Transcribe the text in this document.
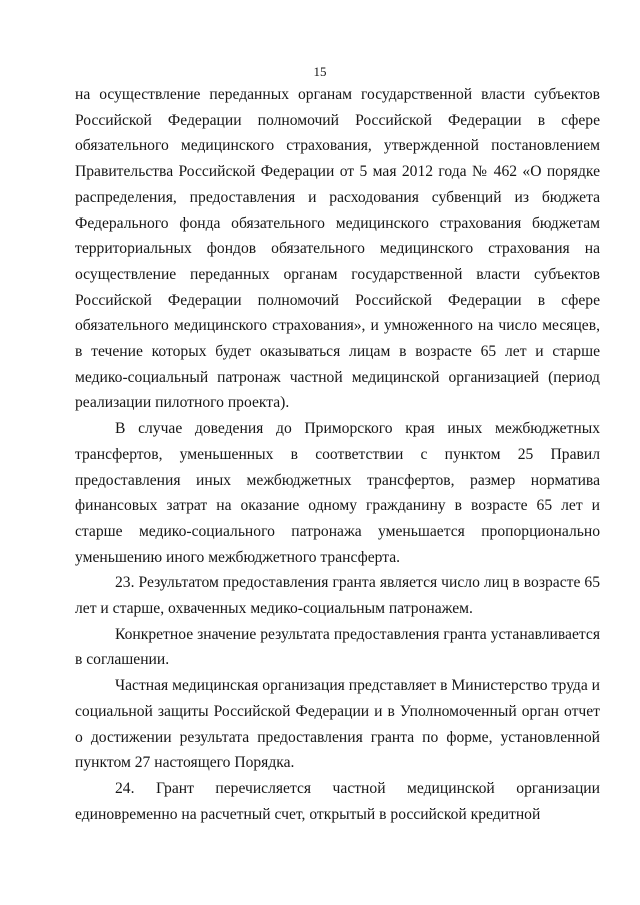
15

на осуществление переданных органам государственной власти субъектов Российской Федерации полномочий Российской Федерации в сфере обязательного медицинского страхования, утвержденной постановлением Правительства Российской Федерации от 5 мая 2012 года № 462 «О порядке распределения, предоставления и расходования субвенций из бюджета Федерального фонда обязательного медицинского страхования бюджетам территориальных фондов обязательного медицинского страхования на осуществление переданных органам государственной власти субъектов Российской Федерации полномочий Российской Федерации в сфере обязательного медицинского страхования», и умноженного на число месяцев, в течение которых будет оказываться лицам в возрасте 65 лет и старше медико-социальный патронаж частной медицинской организацией (период реализации пилотного проекта).

В случае доведения до Приморского края иных межбюджетных трансфертов, уменьшенных в соответствии с пунктом 25 Правил предоставления иных межбюджетных трансфертов, размер норматива финансовых затрат на оказание одному гражданину в возрасте 65 лет и старше медико-социального патронажа уменьшается пропорционально уменьшению иного межбюджетного трансферта.

23. Результатом предоставления гранта является число лиц в возрасте 65 лет и старше, охваченных медико-социальным патронажем.

Конкретное значение результата предоставления гранта устанавливается в соглашении.

Частная медицинская организация представляет в Министерство труда и социальной защиты Российской Федерации и в Уполномоченный орган отчет о достижении результата предоставления гранта по форме, установленной пунктом 27 настоящего Порядка.

24. Грант перечисляется частной медицинской организации единовременно на расчетный счет, открытый в российской кредитной
